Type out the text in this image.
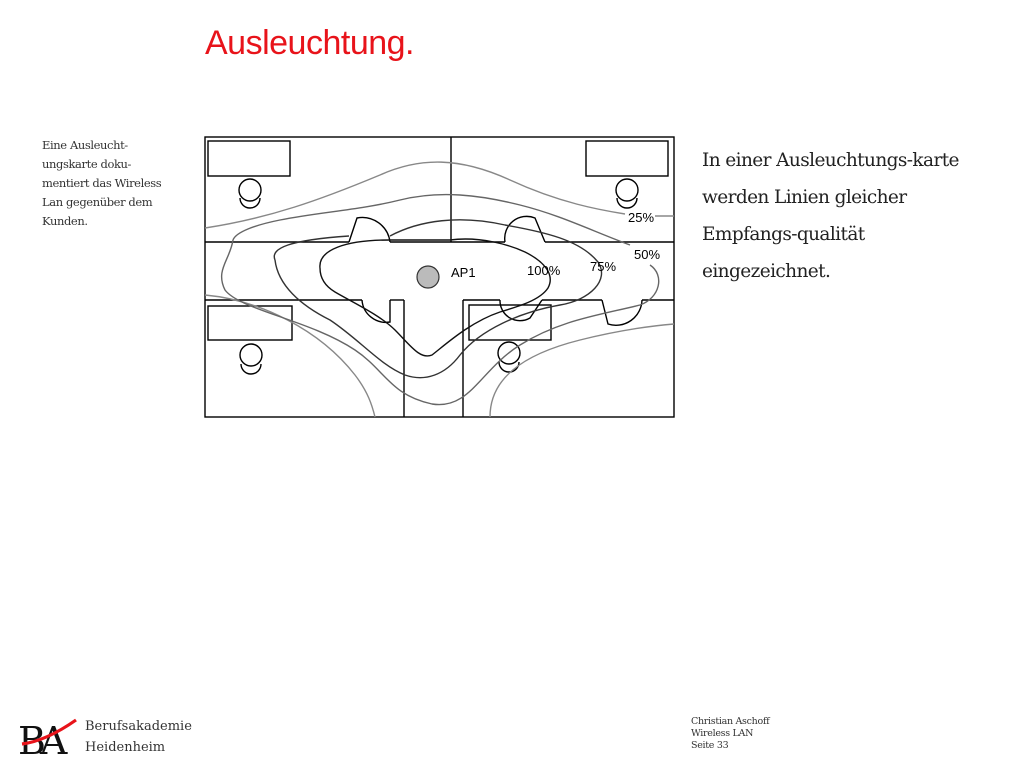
Ausleuchtung.
Eine Ausleucht-
ungskarte doku-
mentiert das Wireless
Lan gegenüber dem
Kunden.
AP1	100% 75%
50%
25%
In einer Ausleuchtungs-karte
werden Linien gleicher
Empfangs-qualität
eingezeichnet.
BA	Berufsakademie
Heidenheim
Christian Aschoff
Wireless LAN
Seite 33
